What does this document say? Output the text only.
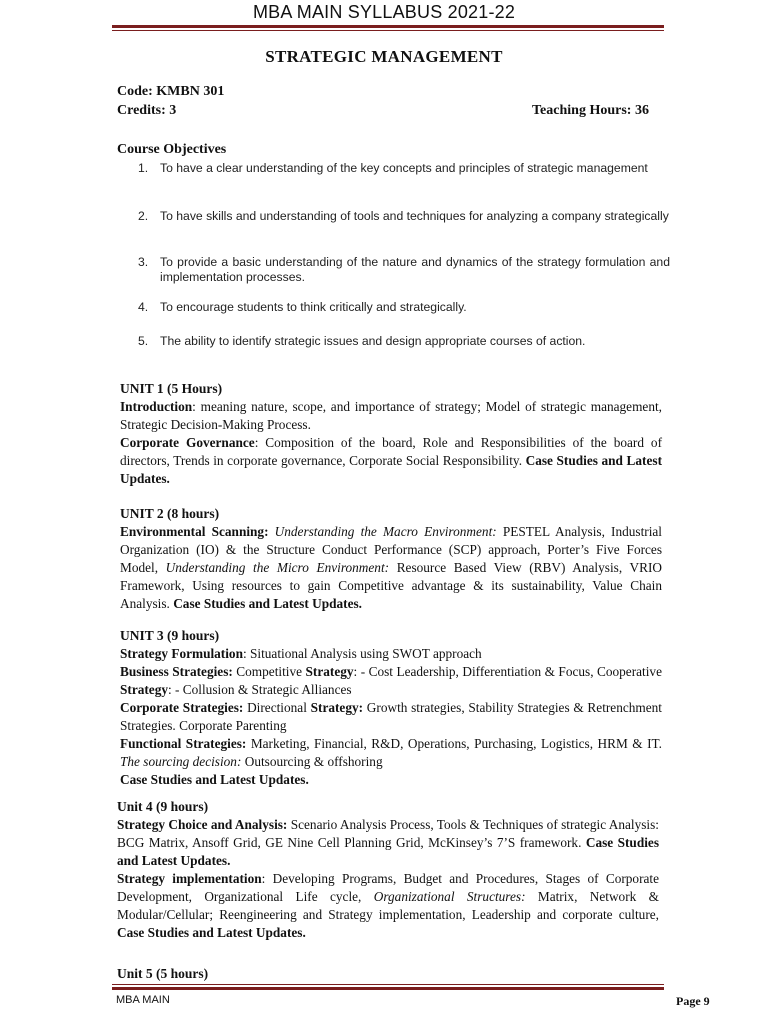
MBA MAIN SYLLABUS 2021-22
STRATEGIC MANAGEMENT
Code: KMBN 301
Credits: 3	Teaching Hours: 36
Course Objectives
1. To have a clear understanding of the key concepts and principles of strategic management
2. To have skills and understanding of tools and techniques for analyzing a company strategically
3. To provide a basic understanding of the nature and dynamics of the strategy formulation and implementation processes.
4. To encourage students to think critically and strategically.
5. The ability to identify strategic issues and design appropriate courses of action.
UNIT 1 (5 Hours)

Introduction: meaning nature, scope, and importance of strategy; Model of strategic management, Strategic Decision-Making Process.

Corporate Governance: Composition of the board, Role and Responsibilities of the board of directors, Trends in corporate governance, Corporate Social Responsibility. Case Studies and Latest Updates.

UNIT 2 (8 hours)

Environmental Scanning: Understanding the Macro Environment: PESTEL Analysis, Industrial Organization (IO) & the Structure Conduct Performance (SCP) approach, Porter’s Five Forces Model, Understanding the Micro Environment: Resource Based View (RBV) Analysis, VRIO Framework, Using resources to gain Competitive advantage & its sustainability, Value Chain Analysis. Case Studies and Latest Updates.

UNIT 3 (9 hours)

Strategy Formulation: Situational Analysis using SWOT approach

Business Strategies: Competitive Strategy: - Cost Leadership, Differentiation & Focus, Cooperative Strategy: - Collusion & Strategic Alliances

Corporate Strategies: Directional Strategy: Growth strategies, Stability Strategies & Retrenchment Strategies. Corporate Parenting

Functional Strategies: Marketing, Financial, R&D, Operations, Purchasing, Logistics, HRM & IT. The sourcing decision: Outsourcing & offshoring

Case Studies and Latest Updates.

Unit 4 (9 hours)

Strategy Choice and Analysis: Scenario Analysis Process, Tools & Techniques of strategic Analysis: BCG Matrix, Ansoff Grid, GE Nine Cell Planning Grid, McKinsey’s 7’S framework. Case Studies and Latest Updates.

Strategy implementation: Developing Programs, Budget and Procedures, Stages of Corporate Development, Organizational Life cycle, Organizational Structures: Matrix, Network & Modular/Cellular; Reengineering and Strategy implementation, Leadership and corporate culture, Case Studies and Latest Updates.

Unit 5 (5 hours)
MBA MAIN	Page 9
